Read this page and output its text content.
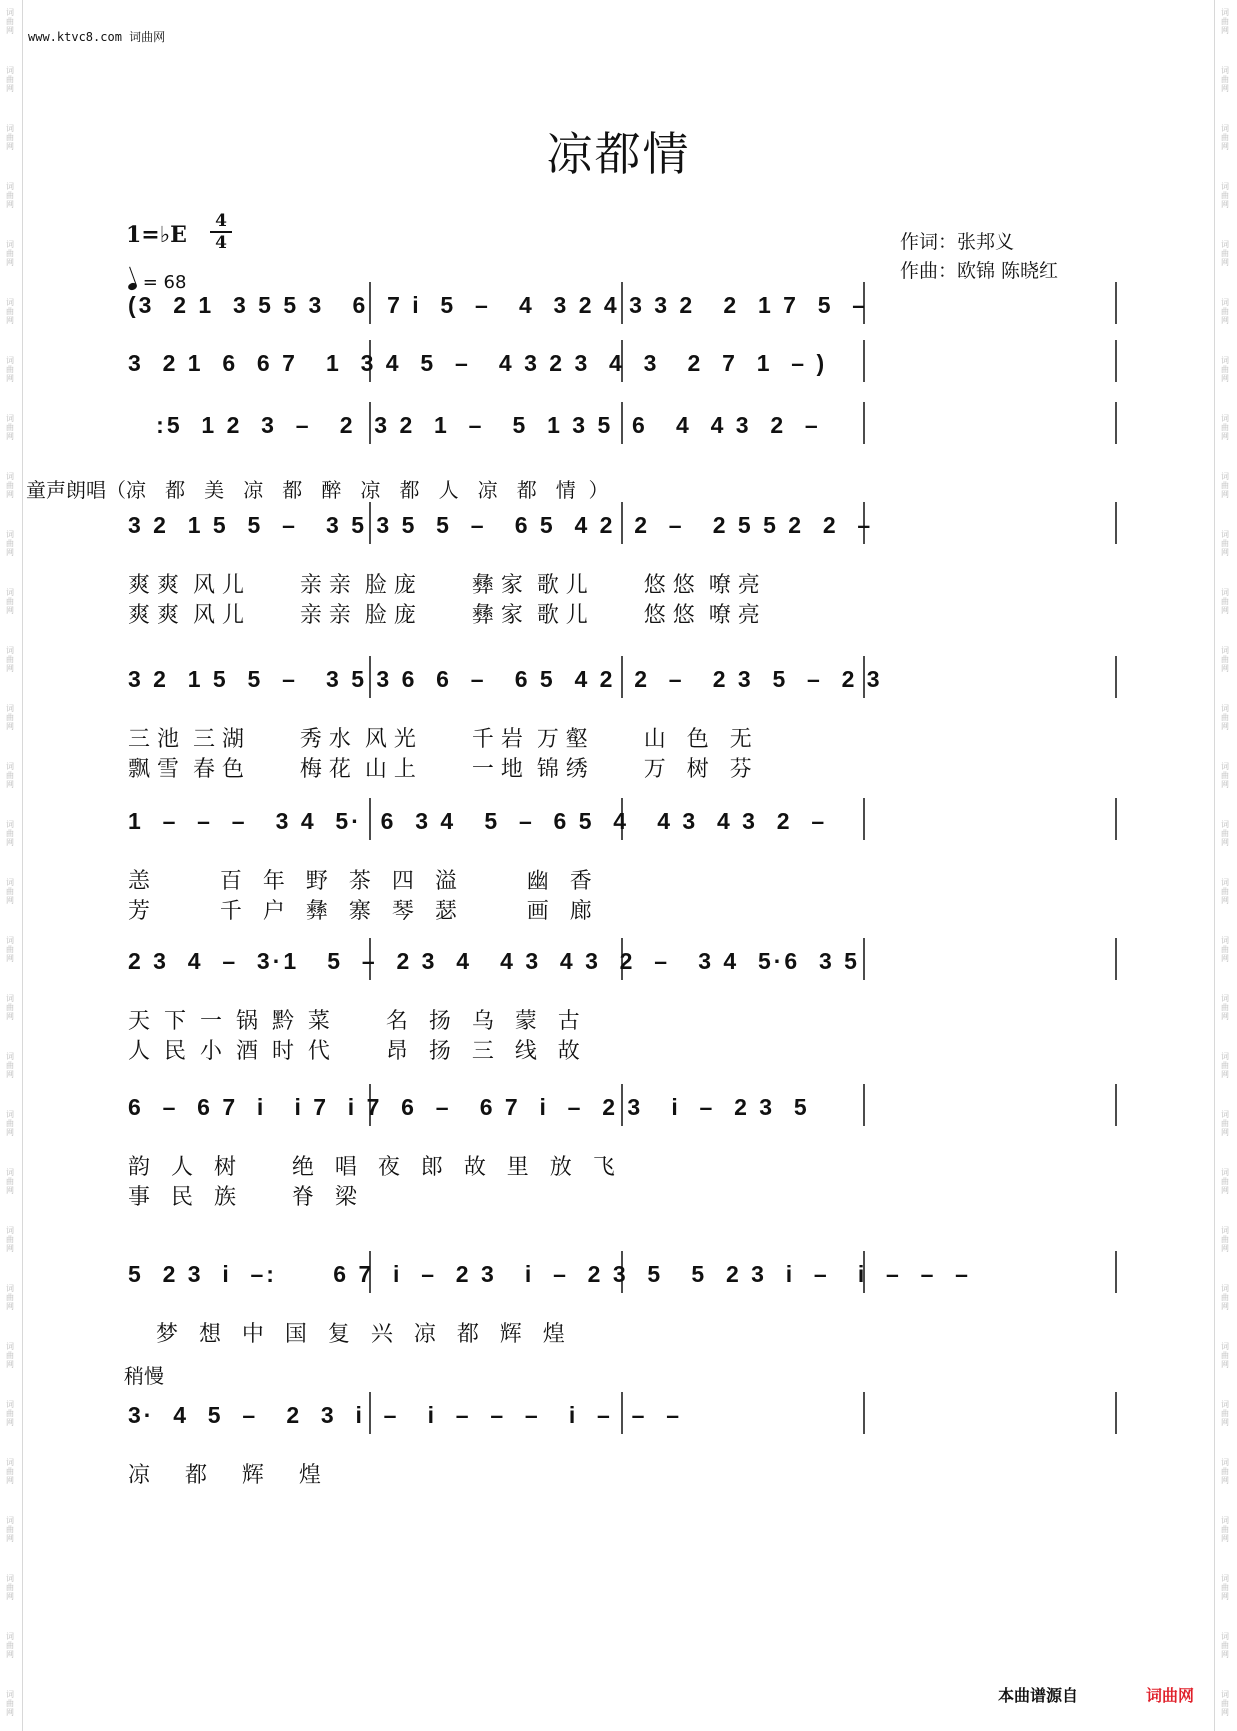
词
曲
网
词
曲
网
词
曲
网
词
曲
网
词
曲
网
词
曲
网
词
曲
网
词
曲
网
词
曲
网
词
曲
网
词
曲
网
词
曲
网
词
曲
网
词
曲
网
词
曲
网
词
曲
网
词
曲
网
词
曲
网
词
曲
网
词
曲
网
词
曲
网
词
曲
网
词
曲
网
词
曲
网
词
曲
网
词
曲
网
词
曲
网
词
曲
网
词
曲
网
词
曲
网
词
曲
网
词
曲
网
词
曲
网
词
曲
网
词
曲
网
词
曲
网
词
曲
网
词
曲
网
词
曲
网
词
曲
网
词
曲
网
词
曲
网
词
曲
网
词
曲
网
词
曲
网
词
曲
网
词
曲
网
词
曲
网
词
曲
网
词
曲
网
词
曲
网
词
曲
网
词
曲
网
词
曲
网
词
曲
网
词
曲
网
词
曲
网
词
曲
网
词
曲
网
词
曲
网
www.ktvc8.com 词曲网
凉都情
1=♭E
4
4
= 68
作词：张邦义
作曲：欧锦 陈晓红
(3  2 1  3 5 5 3   6  7 i  5  –   4  3 2 4 3 3 2   2  1 7  5  –
3  2 1  6  6 7   1  3 4  5  –   4 3 2 3  4  3   2  7  1  – )
:5  1 2  3  –   2  3 2  1  –   5  1 3 5  6   4  4 3  2  –
童声朗唱（凉   都   美   凉   都   醉   凉   都   人   凉   都   情  ）
3 2  1 5  5  –   3 5 3 5  5  –   6 5  4 2  2  –   2 5 5 2  2  –
爽 爽  风 儿        亲 亲  脸 庞        彝 家  歌 儿        悠 悠  嘹 亮
爽 爽  风 儿        亲 亲  脸 庞        彝 家  歌 儿        悠 悠  嘹 亮
3 2  1 5  5  –   3 5 3 6  6  –   6 5  4 2  2  –   2 3  5  –  2 3
三 池  三 湖        秀 水  风 光        千 岩  万 壑        山   色   无
飘 雪  春 色        梅 花  山 上        一 地  锦 绣        万   树   芬
1  –  –  –   3 4  5·  6  3 4   5  –  6 5  4   4 3  4 3  2  –
恙          百   年   野   茶   四   溢          幽   香
芳          千   户   彝   寨   琴   瑟          画   廊
2 3  4  –  3·1   5  –  2 3  4   4 3  4 3  2  –   3 4  5·6  3 5
天  下  一  锅  黔  菜        名   扬   乌   蒙   古
人  民  小  酒  时  代        昂   扬   三   线   故
6  –  6 7  i   i 7  i 7  6  –   6 7  i  –  2 3   i  –  2 3  5
韵   人   树        绝   唱   夜   郎   故   里   放   飞
事   民   族        脊   梁
5  2 3  i  –:      6 7  i  –  2 3   i  –  2 3  5   5  2 3  i  –   i  –  –  –
梦   想   中   国   复   兴   凉   都   辉   煌
稍慢
3·  4  5  –   2  3  i  –   i  –  –  –   i  –  –  –
凉     都     辉     煌
本曲谱源自	词曲网
